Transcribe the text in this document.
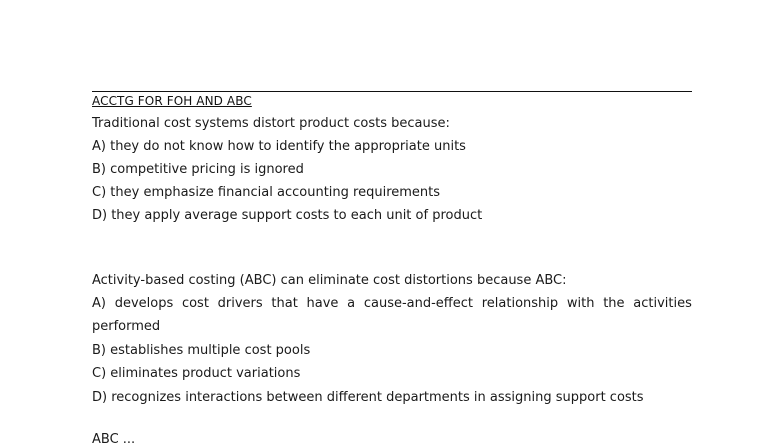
ACCTG FOR FOH AND ABC

Traditional cost systems distort product costs because:

A) they do not know how to identify the appropriate units

B) competitive pricing is ignored

C) they emphasize financial accounting requirements

D) they apply average support costs to each unit of product

Activity-based costing (ABC) can eliminate cost distortions because ABC:

A) develops cost drivers that have a cause-and-effect relationship with the activities

performed

B) establishes multiple cost pools

C) eliminates product variations

D) recognizes interactions between different departments in assigning support costs

ABC ...
